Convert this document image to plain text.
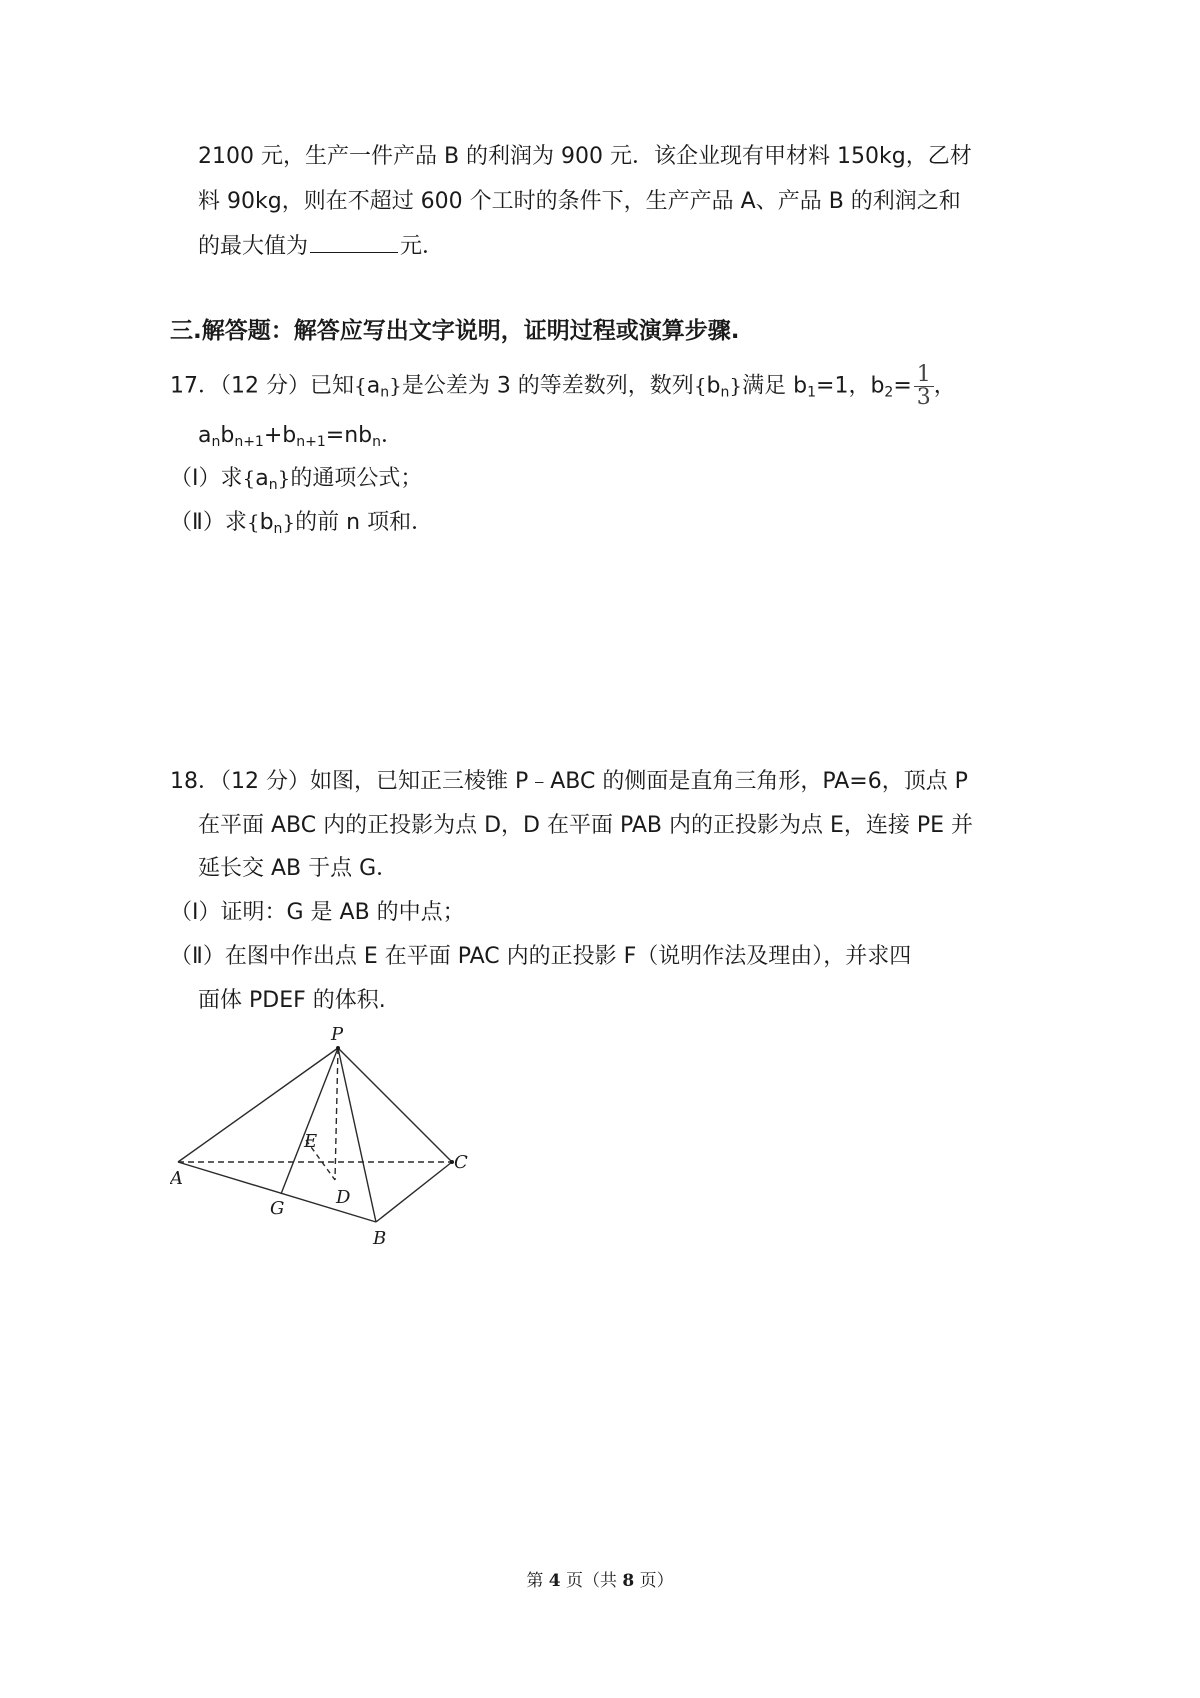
2100 元，生产一件产品 B 的利润为 900 元．该企业现有甲材料 150kg，乙材
料 90kg，则在不超过 600 个工时的条件下，生产产品 A、产品 B 的利润之和
的最大值为	元．
三.解答题：解答应写出文字说明，证明过程或演算步骤.
17．（12 分）已知$\{a_n\}$是公差为 3 的等差数列，数列$\{b_n\}$满足 $b_1=1$，$b_2= \frac{1}{3}$ ，
$a_nb_{n+1}+b_{n+1}=nb_n$．
（Ⅰ）求$\{a_n\}$的通项公式；
（Ⅱ）求$\{b_n\}$的前 n 项和．
18．（12 分）如图，已知正三棱锥 P﹣ABC 的侧面是直角三角形，PA=6，顶点 P
在平面 ABC 内的正投影为点 D，D 在平面 PAB 内的正投影为点 E，连接 PE 并
延长交 AB 于点 G．
（Ⅰ）证明：G 是 AB 的中点；
（Ⅱ）在图中作出点 E 在平面 PAC 内的正投影 F（说明作法及理由），并求四
面体 PDEF 的体积.
P
A
B
C
D
E
G
第 4 页（共 8 页）
